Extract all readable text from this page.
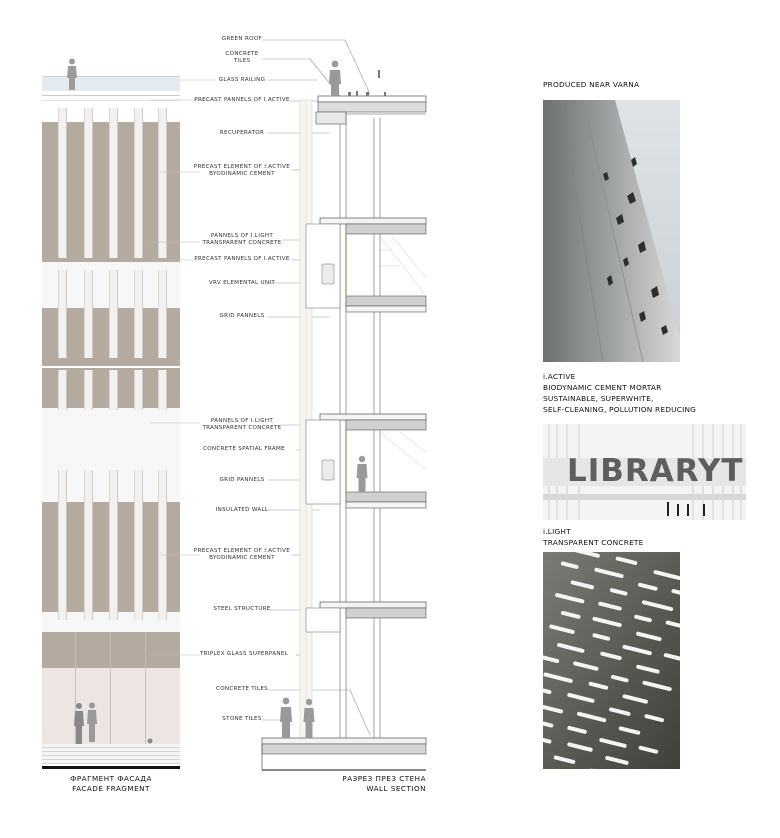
ФРАГМЕНТ ФАСАДА
FACADE FRAGMENT
GREEN ROOF
CONCRETE
TILES
GLASS RAILING
PRECAST PANNELS OF I.ACTIVE
RECUPERATOR
PRECAST ELEMENT OF I.ACTIVE
BYODINAMIC CEMENT
PANNELS OF I.LIGHT
TRANSPARENT CONCRETE
PRECAST PANNELS OF I.ACTIVE
VRV ELEMENTAL UNIT
GRID PANNELS
PANNELS OF I.LIGHT
TRANSPARENT CONCRETE
CONCRETE SPATIAL FRAME
GRID PANNELS
INSULATED WALL
PRECAST ELEMENT OF I.ACTIVE
BYODINAMIC CEMENT
STEEL STRUCTURE
TRIPLEX GLASS SUPERPANEL
CONCRETE TILES
STONE TILES
РАЗРЕЗ ПРЕЗ СТЕНА
WALL SECTION
PRODUCED NEAR VARNA
i.ACTIVE
BIODYNAMIC CEMENT MORTAR
SUSTAINABLE, SUPERWHITE,
SELF-CLEANING, POLLUTION REDUCING
LIBRARYT
i.LIGHT
TRANSPARENT CONCRETE
